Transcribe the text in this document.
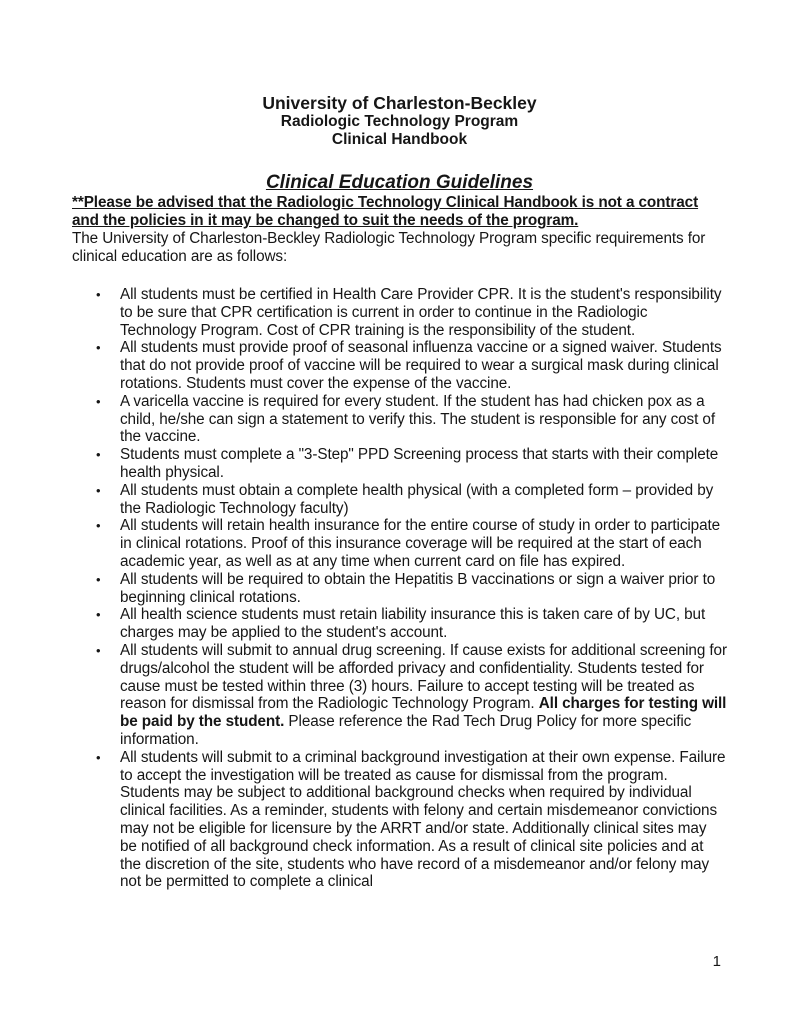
University of Charleston-Beckley
Radiologic Technology Program
Clinical Handbook
Clinical Education Guidelines

**Please be advised that the Radiologic Technology Clinical Handbook is not a contract and the policies in it may be changed to suit the needs of the program.

The University of Charleston-Beckley Radiologic Technology Program specific requirements for clinical education are as follows:

•	All students must be certified in Health Care Provider CPR. It is the student's responsibility to be sure that CPR certification is current in order to continue in the Radiologic Technology Program. Cost of CPR training is the responsibility of the student.
•	All students must provide proof of seasonal influenza vaccine or a signed waiver. Students that do not provide proof of vaccine will be required to wear a surgical mask during clinical rotations. Students must cover the expense of the vaccine.
•	A varicella vaccine is required for every student. If the student has had chicken pox as a child, he/she can sign a statement to verify this. The student is responsible for any cost of the vaccine.
•	Students must complete a "3-Step" PPD Screening process that starts with their complete health physical.
•	All students must obtain a complete health physical (with a completed form – provided by the Radiologic Technology faculty)
•	All students will retain health insurance for the entire course of study in order to participate in clinical rotations. Proof of this insurance coverage will be required at the start of each academic year, as well as at any time when current card on file has expired.
•	All students will be required to obtain the Hepatitis B vaccinations or sign a waiver prior to beginning clinical rotations.
•	All health science students must retain liability insurance this is taken care of by UC, but charges may be applied to the student's account.
•	All students will submit to annual drug screening. If cause exists for additional screening for drugs/alcohol the student will be afforded privacy and confidentiality. Students tested for cause must be tested within three (3) hours. Failure to accept testing will be treated as reason for dismissal from the Radiologic Technology Program. All charges for testing will be paid by the student. Please reference the Rad Tech Drug Policy for more specific information.
•	All students will submit to a criminal background investigation at their own expense. Failure to accept the investigation will be treated as cause for dismissal from the program. Students may be subject to additional background checks when required by individual clinical facilities. As a reminder, students with felony and certain misdemeanor convictions may not be eligible for licensure by the ARRT and/or state. Additionally clinical sites may be notified of all background check information. As a result of clinical site policies and at the discretion of the site, students who have record of a misdemeanor and/or felony may not be permitted to complete a clinical
1
